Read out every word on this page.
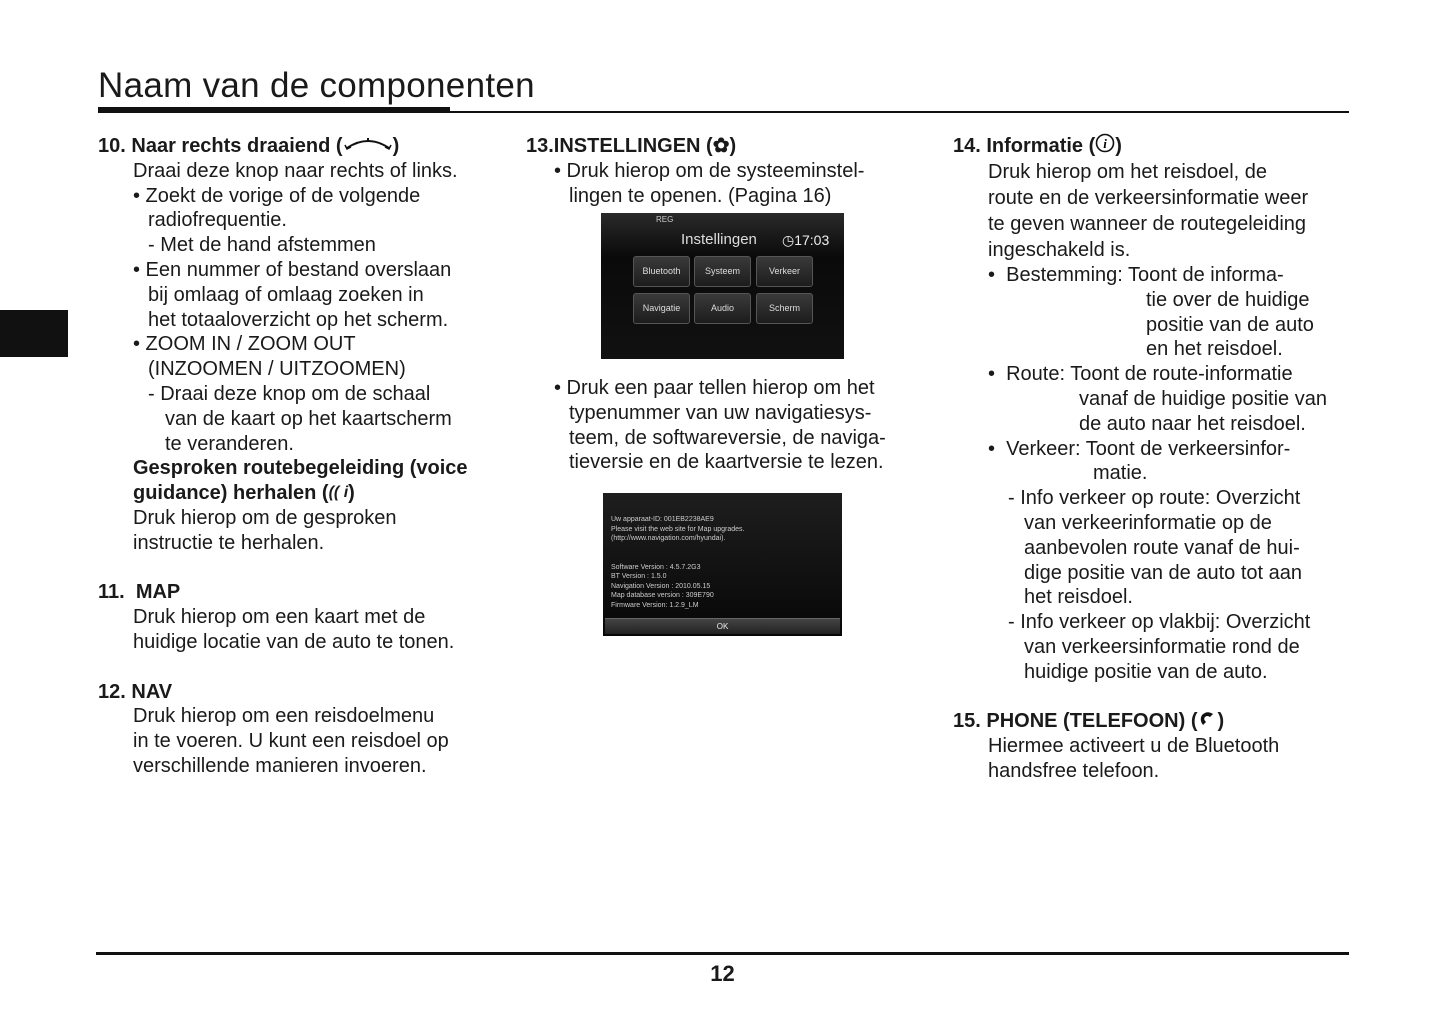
Naam van de componenten
10. Naar rechts draaiend (	)
Draai deze knop naar rechts of links.
• Zoekt de vorige of de volgende
radiofrequentie.
- Met de hand afstemmen
• Een nummer of bestand overslaan
bij omlaag of omlaag zoeken in
het totaaloverzicht op het scherm.
• ZOOM IN / ZOOM OUT
(INZOOMEN / UITZOOMEN)
- Draai deze knop om de schaal
van de kaart op het kaartscherm
te veranderen.
Gesproken routebegeleiding (voice
guidance) herhalen ((( i)
Druk hierop om de gesproken
instructie te herhalen.
11. MAP
Druk hierop om een kaart met de
huidige locatie van de auto te tonen.
12. NAV
Druk hierop om een reisdoelmenu
in te voeren. U kunt een reisdoel op
verschillende manieren invoeren.
13.INSTELLINGEN (✿)
• Druk hierop om de systeeminstel-
lingen te openen. (Pagina 16)
REG
Instellingen ◷17:03
Bluetooth	Systeem	Verkeer
Navigatie	Audio	Scherm
• Druk een paar tellen hierop om het
typenummer van uw navigatiesys-
teem, de softwareversie, de naviga-
tieversie en de kaartversie te lezen.
Uw apparaat-ID: 001EB2238AE9
Please visit the web site for Map upgrades.
(http://www.navigation.com/hyundai).

Software Version : 4.5.7.2G3
BT Version : 1.5.0
Navigation Version : 2010.05.15
Map database version : 309E790
Firmware Version: 1.2.9_LM
OK
14. Informatie ( i )
Druk hierop om het reisdoel, de
route en de verkeersinformatie weer
te geven wanneer de routegeleiding
ingeschakeld is.
•  Bestemming: Toont de informa-
tie over de huidige
positie van de auto
en het reisdoel.
•  Route: Toont de route-informatie
vanaf de huidige positie van
de auto naar het reisdoel.
•  Verkeer: Toont de verkeersinfor-
matie.
- Info verkeer op route: Overzicht
van verkeerinformatie op de
aanbevolen route vanaf de hui-
dige positie van de auto tot aan
het reisdoel.
- Info verkeer op vlakbij: Overzicht
van verkeersinformatie rond de
huidige positie van de auto.
15. PHONE (TELEFOON) ( )
Hiermee activeert u de Bluetooth
handsfree telefoon.
12
